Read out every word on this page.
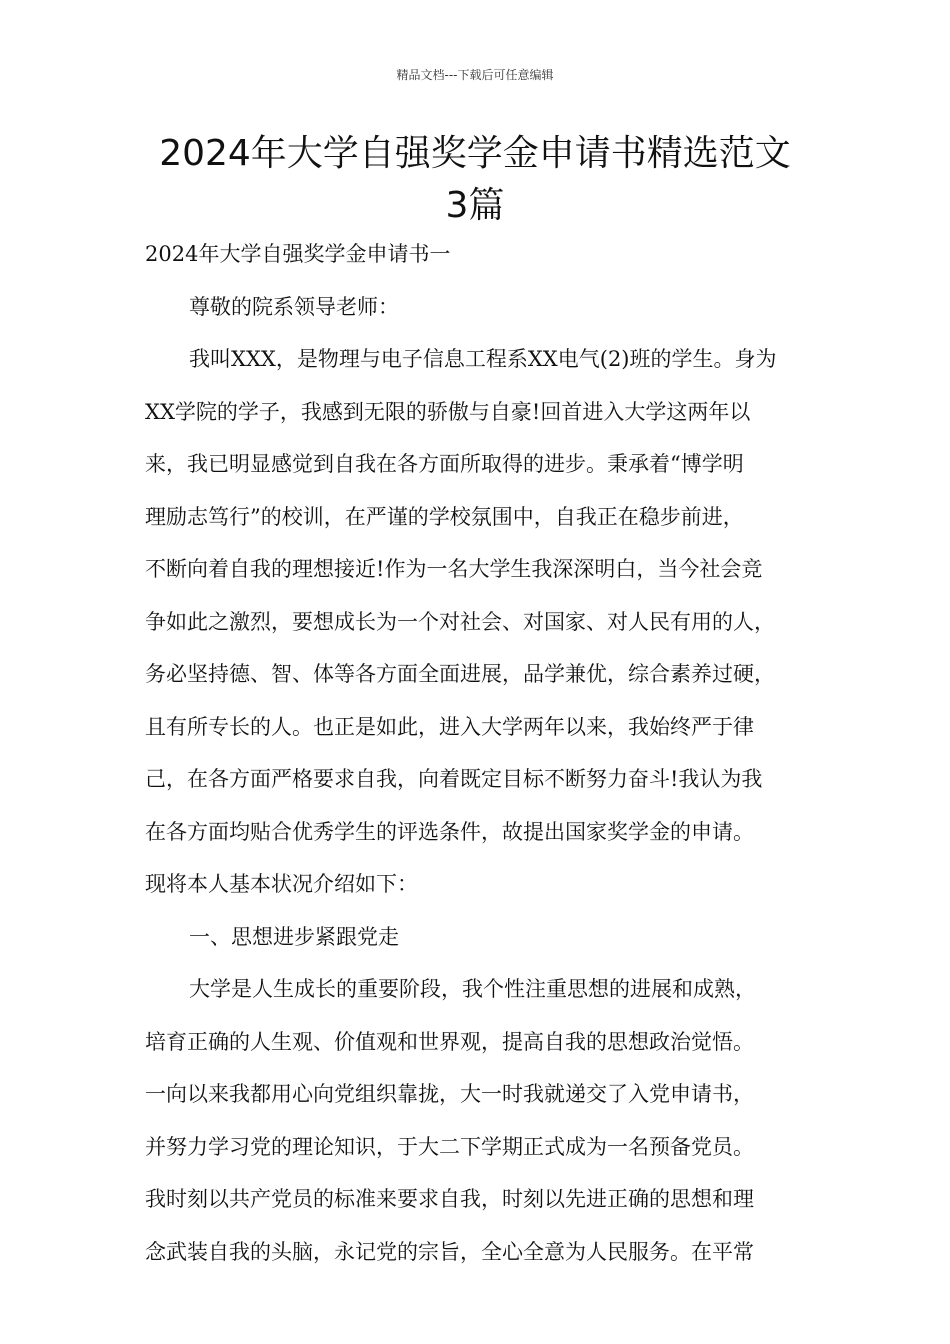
精品文档---下载后可任意编辑
2024年大学自强奖学金申请书精选范文
3篇
2024年大学自强奖学金申请书一
尊敬的院系领导老师：
我叫XXX，是物理与电子信息工程系XX电气(2)班的学生。身为
XX学院的学子，我感到无限的骄傲与自豪!回首进入大学这两年以
来，我已明显感觉到自我在各方面所取得的进步。秉承着“博学明
理励志笃行”的校训，在严谨的学校氛围中，自我正在稳步前进，
不断向着自我的理想接近!作为一名大学生我深深明白，当今社会竞
争如此之激烈，要想成长为一个对社会、对国家、对人民有用的人，
务必坚持德、智、体等各方面全面进展，品学兼优，综合素养过硬，
且有所专长的人。也正是如此，进入大学两年以来，我始终严于律
己，在各方面严格要求自我，向着既定目标不断努力奋斗!我认为我
在各方面均贴合优秀学生的评选条件，故提出国家奖学金的申请。
现将本人基本状况介绍如下：
一、思想进步紧跟党走
大学是人生成长的重要阶段，我个性注重思想的进展和成熟，
培育正确的人生观、价值观和世界观，提高自我的思想政治觉悟。
一向以来我都用心向党组织靠拢，大一时我就递交了入党申请书，
并努力学习党的理论知识，于大二下学期正式成为一名预备党员。
我时刻以共产党员的标准来要求自我，时刻以先进正确的思想和理
念武装自我的头脑，永记党的宗旨，全心全意为人民服务。在平常
